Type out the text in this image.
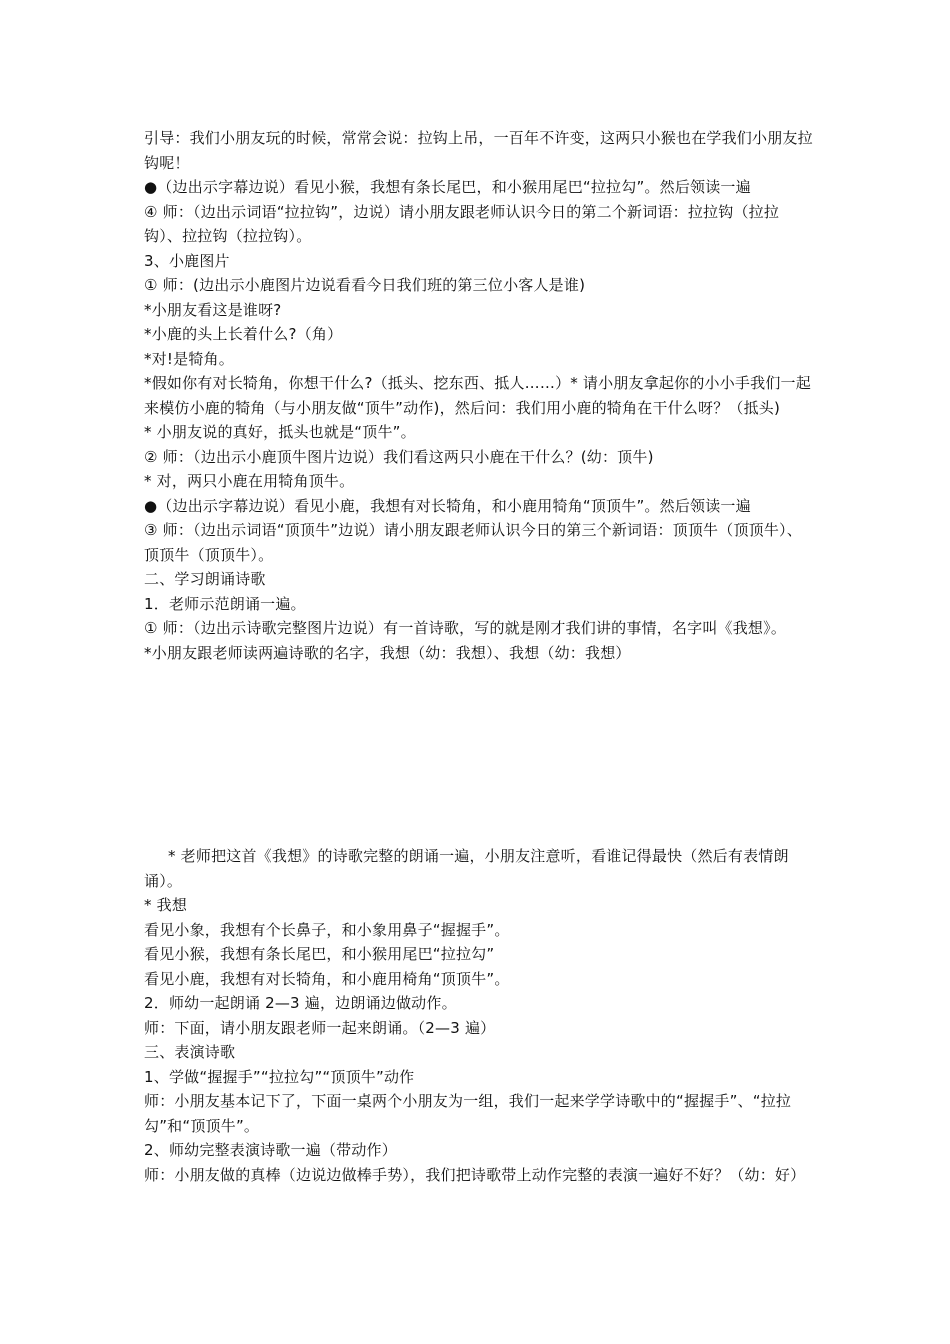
引导：我们小朋友玩的时候，常常会说：拉钩上吊，一百年不许变，这两只小猴也在学我们小朋友拉钩呢！
●（边出示字幕边说）看见小猴，我想有条长尾巴，和小猴用尾巴“拉拉勾”。然后领读一遍
④ 师：（边出示词语“拉拉钩”，边说）请小朋友跟老师认识今日的第二个新词语：拉拉钩（拉拉钩）、拉拉钩（拉拉钩）。
3、小鹿图片
① 师：(边出示小鹿图片边说看看今日我们班的第三位小客人是谁)
*小朋友看这是谁呀?
*小鹿的头上长着什么?（角）
*对!是犄角。
*假如你有对长犄角，你想干什么?（抵头、挖东西、抵人……）* 请小朋友拿起你的小小手我们一起来模仿小鹿的犄角（与小朋友做“顶牛”动作)，然后问：我们用小鹿的犄角在干什么呀？（抵头)
* 小朋友说的真好，抵头也就是“顶牛”。
② 师：（边出示小鹿顶牛图片边说）我们看这两只小鹿在干什么？(幼：顶牛)
* 对，两只小鹿在用犄角顶牛。
●（边出示字幕边说）看见小鹿，我想有对长犄角，和小鹿用犄角“顶顶牛”。然后领读一遍
③ 师：（边出示词语“顶顶牛”边说）请小朋友跟老师认识今日的第三个新词语：顶顶牛（顶顶牛）、顶顶牛（顶顶牛）。
二、学习朗诵诗歌
1．老师示范朗诵一遍。
① 师：（边出示诗歌完整图片边说）有一首诗歌，写的就是刚才我们讲的事情，名字叫《我想》。
*小朋友跟老师读两遍诗歌的名字，我想（幼：我想）、我想（幼：我想）
* 老师把这首《我想》的诗歌完整的朗诵一遍，小朋友注意听，看谁记得最快（然后有表情朗诵）。
* 我想
看见小象，我想有个长鼻子，和小象用鼻子“握握手”。
看见小猴，我想有条长尾巴，和小猴用尾巴“拉拉勾”
看见小鹿，我想有对长犄角，和小鹿用椅角“顶顶牛”。
2．师幼一起朗诵 2—3 遍，边朗诵边做动作。
师：下面，请小朋友跟老师一起来朗诵。（2—3 遍）
三、表演诗歌
1、学做“握握手”“拉拉勾”“顶顶牛”动作
师：小朋友基本记下了，下面一桌两个小朋友为一组，我们一起来学学诗歌中的“握握手”、“拉拉勾”和“顶顶牛”。
2、师幼完整表演诗歌一遍（带动作）
师：小朋友做的真棒（边说边做棒手势），我们把诗歌带上动作完整的表演一遍好不好？（幼：好）
